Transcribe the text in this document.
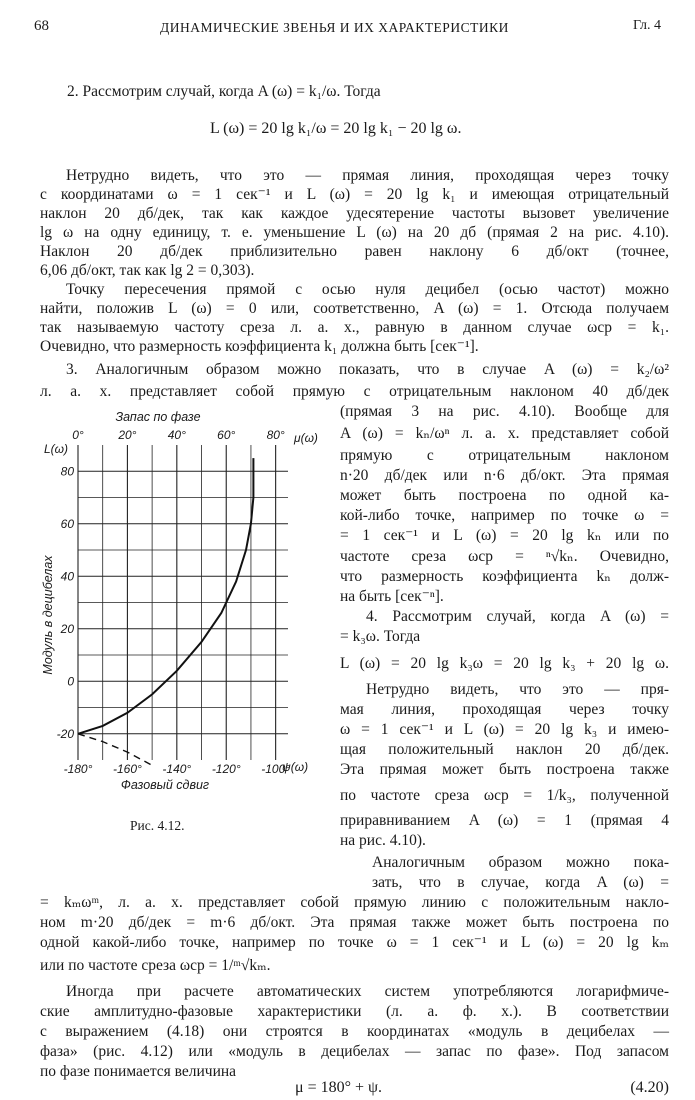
68	ДИНАМИЧЕСКИЕ ЗВЕНЬЯ И ИХ ХАРАКТЕРИСТИКИ	Гл. 4
2. Рассмотрим случай, когда A (ω) = k₁/ω. Тогда
L (ω) = 20 lg k₁/ω = 20 lg k₁ − 20 lg ω.
Нетрудно видеть, что это — прямая линия, проходящая через точку
с координатами ω = 1 сек⁻¹ и L (ω) = 20 lg k₁ и имеющая отрицательный
наклон 20 дб/дек, так как каждое удесятерение частоты вызовет увеличение
lg ω на одну единицу, т. е. уменьшение L (ω) на 20 дб (прямая 2 на рис. 4.10).
Наклон 20 дб/дек приблизительно равен наклону 6 дб/окт (точнее,
6,06 дб/окт, так как lg 2 = 0,303).
Точку пересечения прямой с осью нуля децибел (осью частот) можно
найти, положив L (ω) = 0 или, соответственно, A (ω) = 1. Отсюда получаем
так называемую частоту среза л. а. х., равную в данном случае ωср = k₁.
Очевидно, что размерность коэффициента k₁ должна быть [сек⁻¹].
3. Аналогичным образом можно показать, что в случае A (ω) = k₂/ω²
л. а. х. представляет собой прямую с отрицательным наклоном 40 дб/дек
(прямая 3 на рис. 4.10). Вообще для
A (ω) = kₙ/ωⁿ л. а. х. представляет собой
прямую с отрицательным наклоном
n·20 дб/дек или n·6 дб/окт. Эта прямая
может быть построена по одной ка-
кой-либо точке, например по точке ω =
= 1 сек⁻¹ и L (ω) = 20 lg kₙ или по
частоте среза ωср = ⁿ√kₙ. Очевидно,
что размерность коэффициента kₙ долж-
на быть [сек⁻ⁿ].
4. Рассмотрим случай, когда A (ω) =
= k₃ω. Тогда
L (ω) = 20 lg k₃ω = 20 lg k₃ + 20 lg ω.
Нетрудно видеть, что это — пря-
мая линия, проходящая через точку
ω = 1 сек⁻¹ и L (ω) = 20 lg k₃ и имею-
щая положительный наклон 20 дб/дек.
Эта прямая может быть построена также
по частоте среза ωср = 1/k₃, полученной
приравниванием A (ω) = 1 (прямая 4
на рис. 4.10).
Аналогичным образом можно пока-
зать, что в случае, когда A (ω) =
= kₘωᵐ, л. а. х. представляет собой прямую линию с положительным накло-
ном m·20 дб/дек = m·6 дб/окт. Эта прямая также может быть построена по
одной какой-либо точке, например по точке ω = 1 сек⁻¹ и L (ω) = 20 lg kₘ
или по частоте среза ωср = 1/ᵐ√kₘ.
Иногда при расчете автоматических систем употребляются логарифмиче-
ские амплитудно-фазовые характеристики (л. а. ф. х.). В соответствии
с выражением (4.18) они строятся в координатах «модуль в децибелах —
фаза» (рис. 4.12) или «модуль в децибелах — запас по фазе». Под запасом
по фазе понимается величина
μ = 180° + ψ.	(4.20)
Запас по фазе
0°	20°	40°	60°	80° μ(ω)
L(ω)
80
60
40
20
0
-20
Модуль в децибелах
-180° -160° -140° -120° -100°
ψ(ω)
Фазовый сдвиг
Рис. 4.12.
